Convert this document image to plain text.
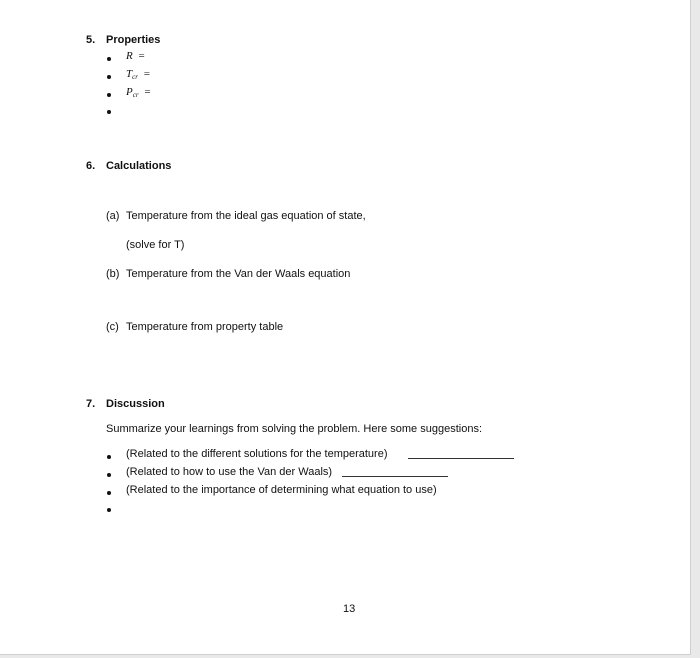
5. Properties
R =
$T_{cr}$ =
$P_{cr}$ =
6. Calculations
(a) Temperature from the ideal gas equation of state,
(solve for T)
(b) Temperature from the Van der Waals equation
(c) Temperature from property table
7. Discussion
Summarize your learnings from solving the problem. Here some suggestions:
(Related to the different solutions for the temperature)
(Related to how to use the Van der Waals)
(Related to the importance of determining what equation to use)
13
